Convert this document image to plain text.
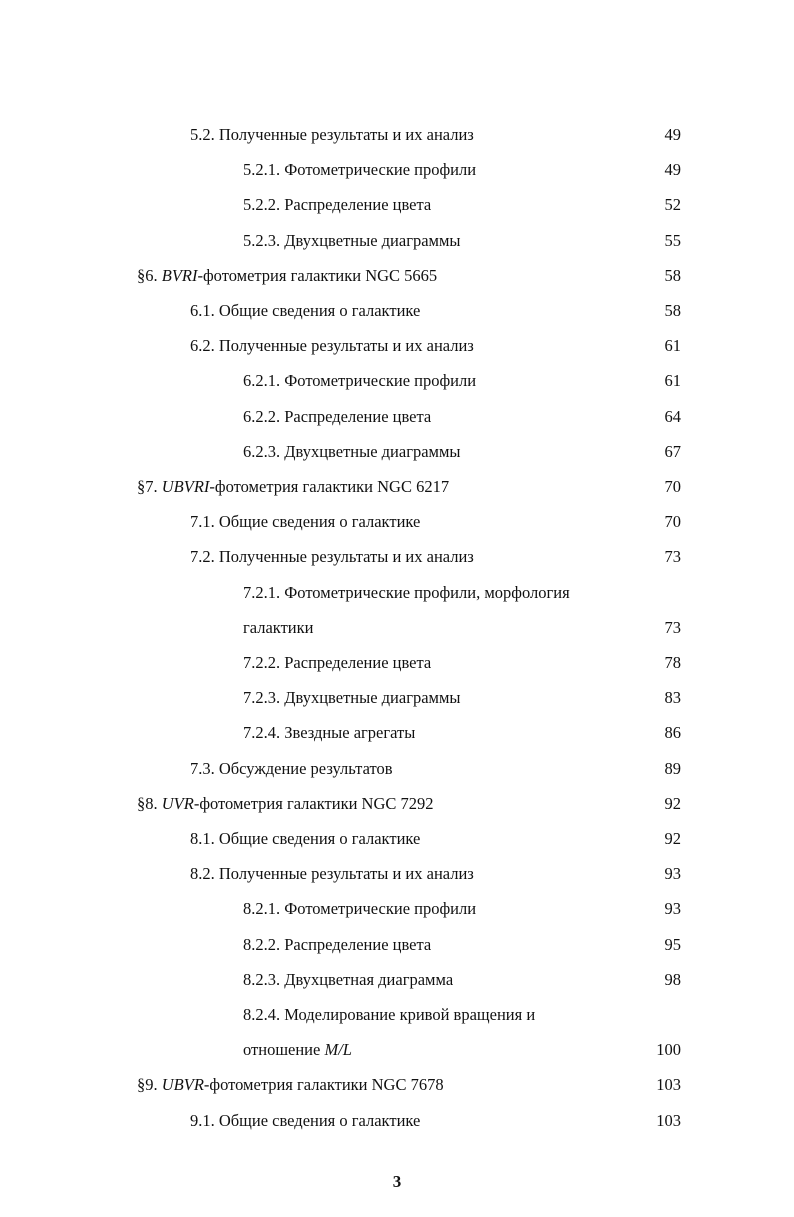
5.2. Полученные результаты и их анализ	49
5.2.1. Фотометрические профили	49
5.2.2. Распределение цвета	52
5.2.3. Двухцветные диаграммы	55
§6. BVRI-фотометрия галактики NGC 5665	58
6.1. Общие сведения о галактике	58
6.2. Полученные результаты и их анализ	61
6.2.1. Фотометрические профили	61
6.2.2. Распределение цвета	64
6.2.3. Двухцветные диаграммы	67
§7. UBVRI-фотометрия галактики NGC 6217	70
7.1. Общие сведения о галактике	70
7.2. Полученные результаты и их анализ	73
7.2.1. Фотометрические профили, морфология
галактики	73
7.2.2. Распределение цвета	78
7.2.3. Двухцветные диаграммы	83
7.2.4. Звездные агрегаты	86
7.3. Обсуждение результатов	89
§8. UVR-фотометрия галактики NGC 7292	92
8.1. Общие сведения о галактике	92
8.2. Полученные результаты и их анализ	93
8.2.1. Фотометрические профили	93
8.2.2. Распределение цвета	95
8.2.3. Двухцветная диаграмма	98
8.2.4. Моделирование кривой вращения и
отношение M/L	100
§9. UBVR-фотометрия галактики NGC 7678	103
9.1. Общие сведения о галактике	103
3
